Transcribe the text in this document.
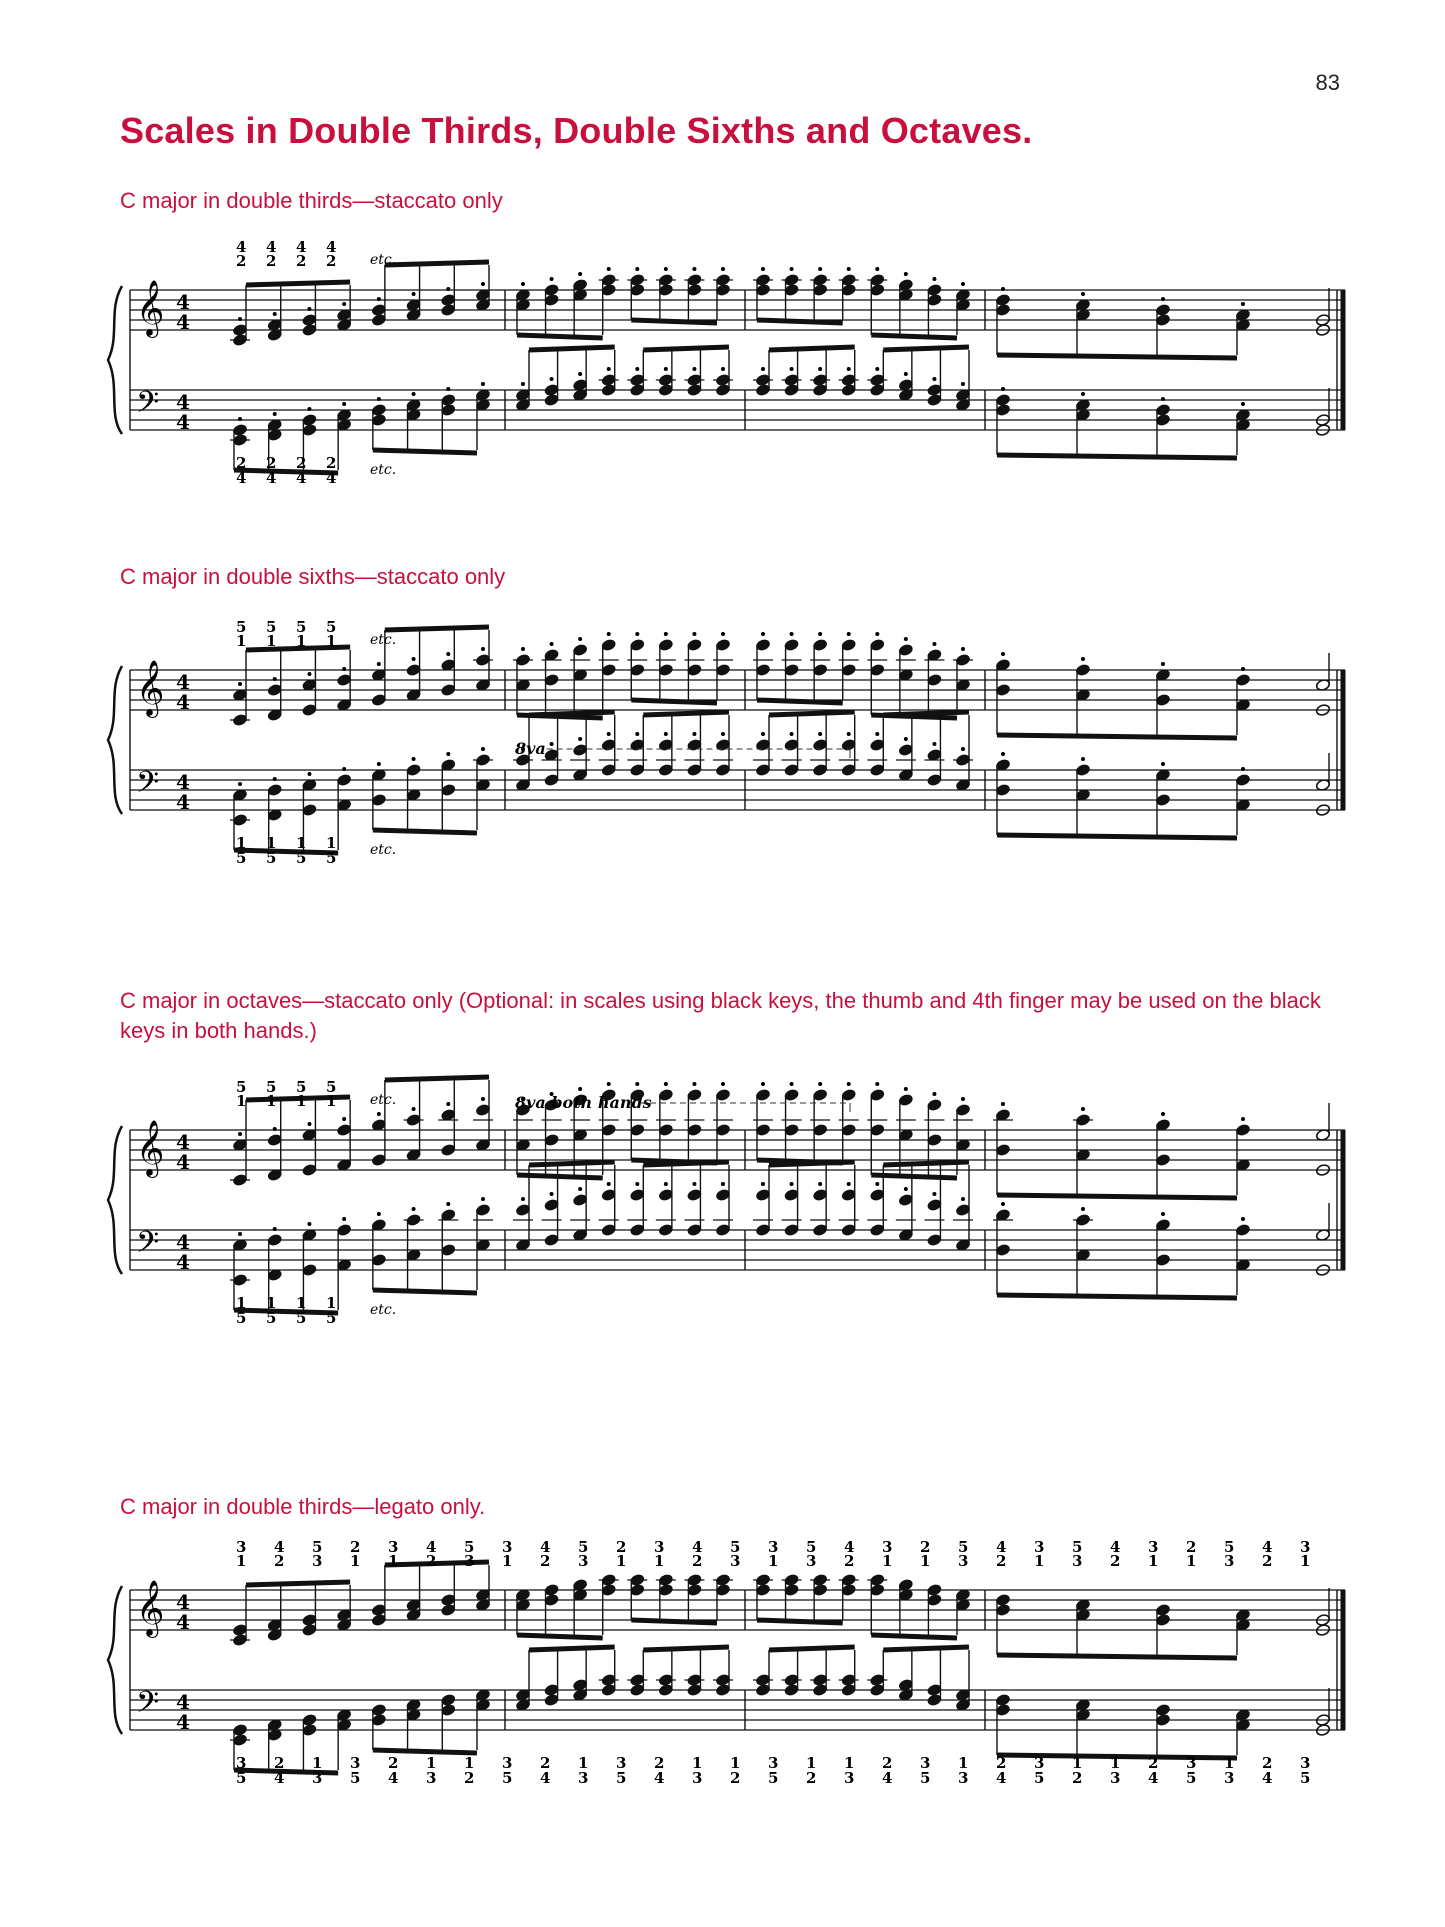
83
Scales in Double Thirds, Double Sixths and Octaves.
C major in double thirds—staccato only
𝄞 4
4
𝄢 4
4
4
2
4
2
4
2
4
2
2
4
2
4
2
4
2
4
etc.
etc.
C major in double sixths—staccato only
𝄞 4
4
𝄢 4
4
5
1
5
1
5
1
5
1
1
5
1
5
1
5
1
5
etc.
etc.
8va
C major in octaves—staccato only (Optional: in scales using black keys, the thumb and 4th finger may be used on the black keys in both hands.)
𝄞 4
4
𝄢 4
4
5
1
5
1
5
1
5
1
1
5
1
5
1
5
1
5
etc.
etc.
8va both hands
C major in double thirds—legato only.
𝄞 4
4
𝄢 4
4
3
1
4
2
5
3
2
1
3
1
4
2
5
3
3
1
4
2
5
3
2
1
3
1
4
2
5
3
3
1
5
3
4
2
3
1
2
1
5
3
4
2
3
1
5
3
4
2
3
1
2
1
5
3
4
2
3
1
3
5
2
4
1
3
3
5
2
4
1
3
1
2
3
5
2
4
1
3
3
5
2
4
1
3
1
2
3
5
1
2
1
3
2
4
3
5
1
3
2
4
3
5
1
2
1
3
2
4
3
5
1
3
2
4
3
5
